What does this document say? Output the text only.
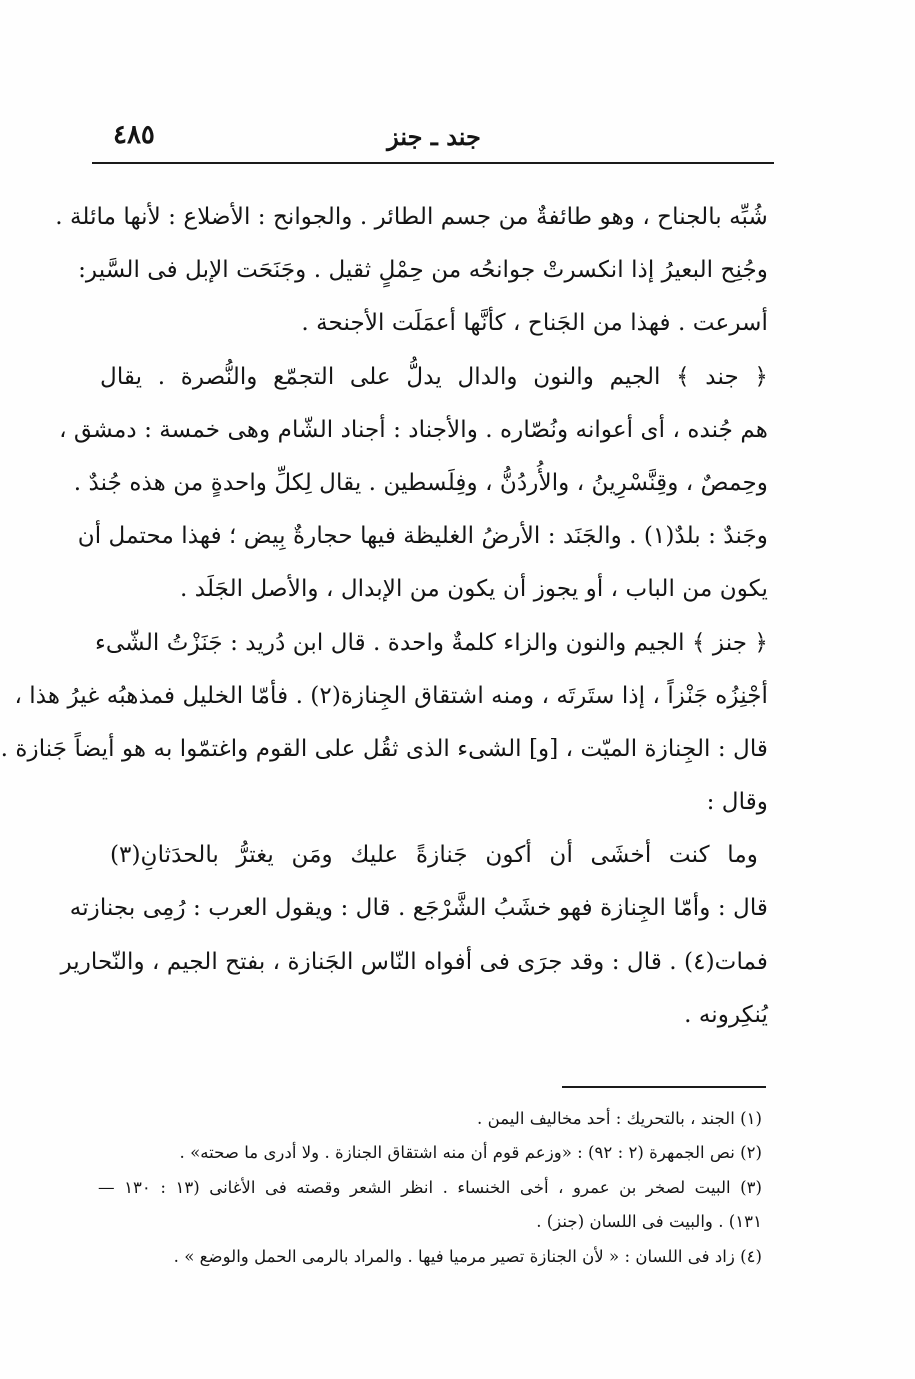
٤٨٥	جند ـ جنز
شُبِّه بالجناح ، وهو طائفةٌ من جسم الطائر . والجوانح : الأضلاع : لأنها مائلة .
وجُنِح البعيرُ إذا انكسرتْ جوانحُه من حِمْلٍ ثقيل . وجَنَحَت الإبل فى السَّير:
أسرعت . فهذا من الجَناح ، كأنَّها أعمَلَت الأجنحة .
﴿ جند ﴾ الجيم والنون والدال يدلُّ على التجمّع والنُّصرة . يقال
هم جُنده ، أى أعوانه ونُصّاره . والأجناد : أجناد الشّام وهى خمسة : دمشق ،
وحِمصٌ ، وقِنَّسْرِينُ ، والأُردُنُّ ، وفِلَسطين . يقال لِكلِّ واحدةٍ من هذه جُندٌ .
وجَندٌ : بلدٌ(١) . والجَنَد : الأرضُ الغليظة فيها حجارةٌ بِيض ؛ فهذا محتمل أن
يكون من الباب ، أو يجوز أن يكون من الإبدال ، والأصل الجَلَد .
﴿ جنز ﴾ الجيم والنون والزاء كلمةٌ واحدة . قال ابن دُريد : جَنَزْتُ الشّىء
أجْنِزُه جَنْزاً ، إذا ستَرتَه ، ومنه اشتقاق الجِنازة(٢) . فأمّا الخليل فمذهبُه غيرُ هذا ،
قال : الجِنازة الميّت ، [و] الشىء الذى ثقُل على القوم واغتمّوا به هو أيضاً جَنازة .
وقال :
وما كنت أخشَى أن أكون جَنازةً عليك ومَن يغترُّ بالحدَثانِ(٣)
قال : وأمّا الجِنازة فهو خشَبُ الشَّرْجَع . قال : ويقول العرب : رُمِى بجنازته
فمات(٤) . قال : وقد جرَى فى أفواه النّاس الجَنازة ، بفتح الجيم ، والنّحارير
يُنكِرونه .
(١) الجند ، بالتحريك : أحد مخاليف اليمن .
(٢) نص الجمهرة (٢ : ٩٢) : «وزعم قوم أن منه اشتقاق الجنازة . ولا أدرى ما صحته» .
(٣) البيت لصخر بن عمرو ، أخى الخنساء . انظر الشعر وقصته فى الأغانى (١٣ : ١٣٠ —
١٣١) . والبيت فى اللسان (جنز) .
(٤) زاد فى اللسان : « لأن الجنازة تصير مرميا فيها . والمراد بالرمى الحمل والوضع » .
